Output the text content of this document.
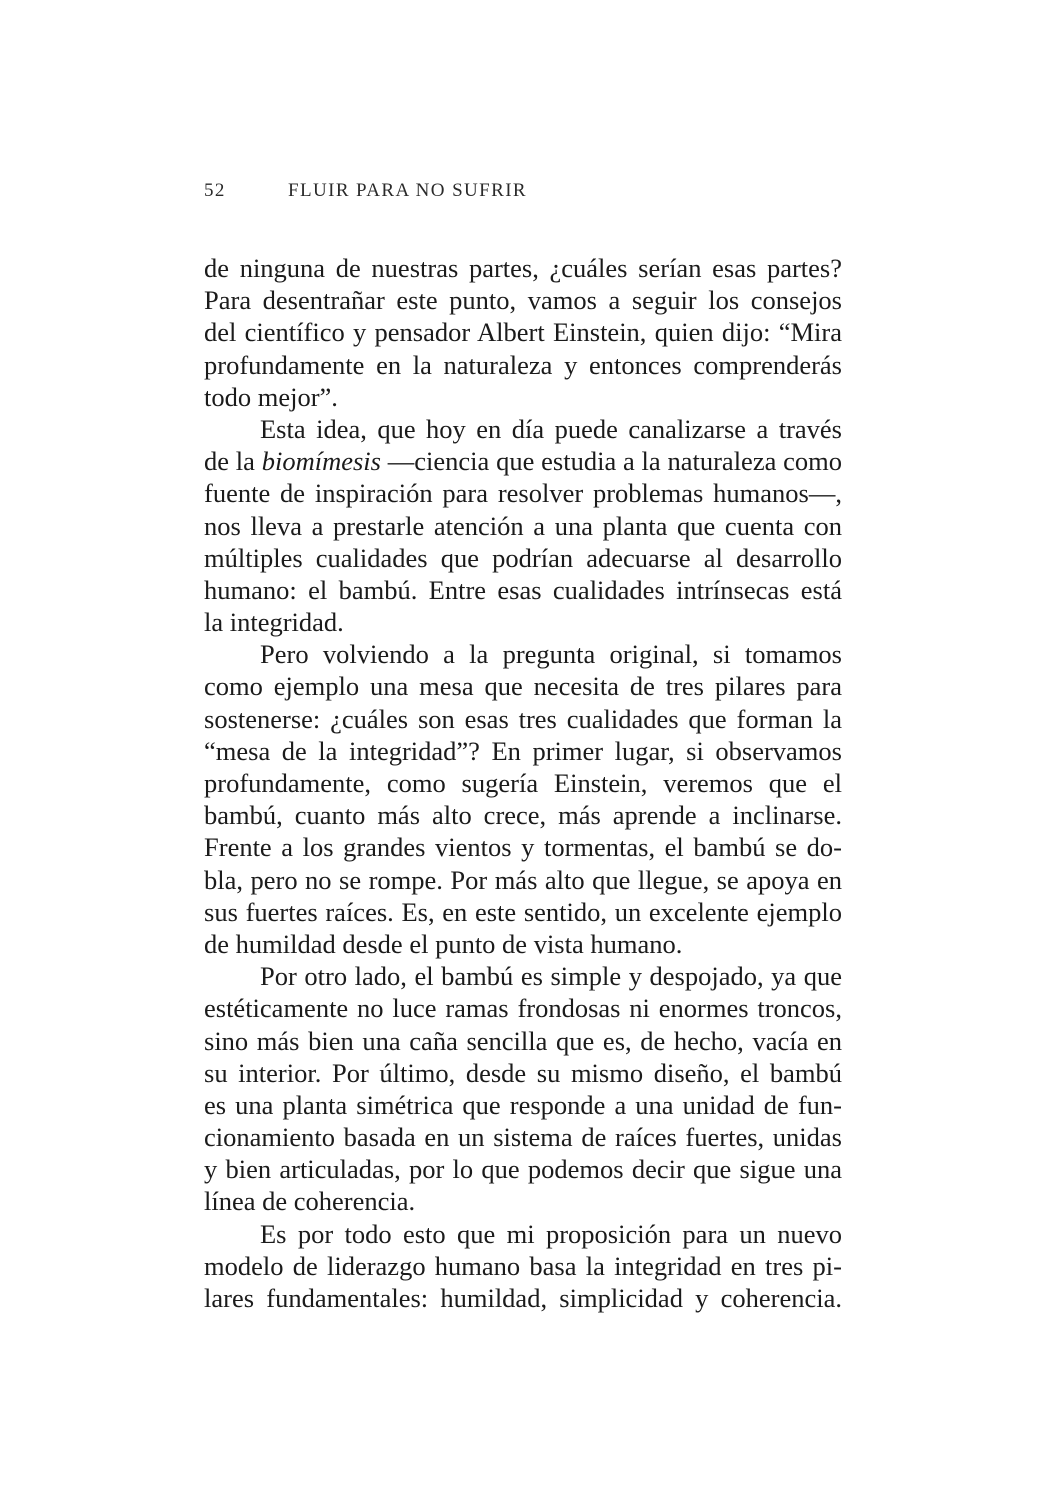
52	FLUIR PARA NO SUFRIR
de ninguna de nuestras partes, ¿cuáles serían esas partes?
Para desentrañar este punto, vamos a seguir los consejos
del científico y pensador Albert Einstein, quien dijo: “Mira
profundamente en la naturaleza y entonces comprenderás
todo mejor”.
Esta idea, que hoy en día puede canalizarse a través
de la biomímesis —ciencia que estudia a la naturaleza como
fuente de inspiración para resolver problemas humanos—,
nos lleva a prestarle atención a una planta que cuenta con
múltiples cualidades que podrían adecuarse al desarrollo
humano: el bambú. Entre esas cualidades intrínsecas está
la integridad.
Pero volviendo a la pregunta original, si tomamos
como ejemplo una mesa que necesita de tres pilares para
sostenerse: ¿cuáles son esas tres cualidades que forman la
“mesa de la integridad”? En primer lugar, si observamos
profundamente, como sugería Einstein, veremos que el
bambú, cuanto más alto crece, más aprende a inclinarse.
Frente a los grandes vientos y tormentas, el bambú se do-
bla, pero no se rompe. Por más alto que llegue, se apoya en
sus fuertes raíces. Es, en este sentido, un excelente ejemplo
de humildad desde el punto de vista humano.
Por otro lado, el bambú es simple y despojado, ya que
estéticamente no luce ramas frondosas ni enormes troncos,
sino más bien una caña sencilla que es, de hecho, vacía en
su interior. Por último, desde su mismo diseño, el bambú
es una planta simétrica que responde a una unidad de fun-
cionamiento basada en un sistema de raíces fuertes, unidas
y bien articuladas, por lo que podemos decir que sigue una
línea de coherencia.
Es por todo esto que mi proposición para un nuevo
modelo de liderazgo humano basa la integridad en tres pi-
lares fundamentales: humildad, simplicidad y coherencia.
